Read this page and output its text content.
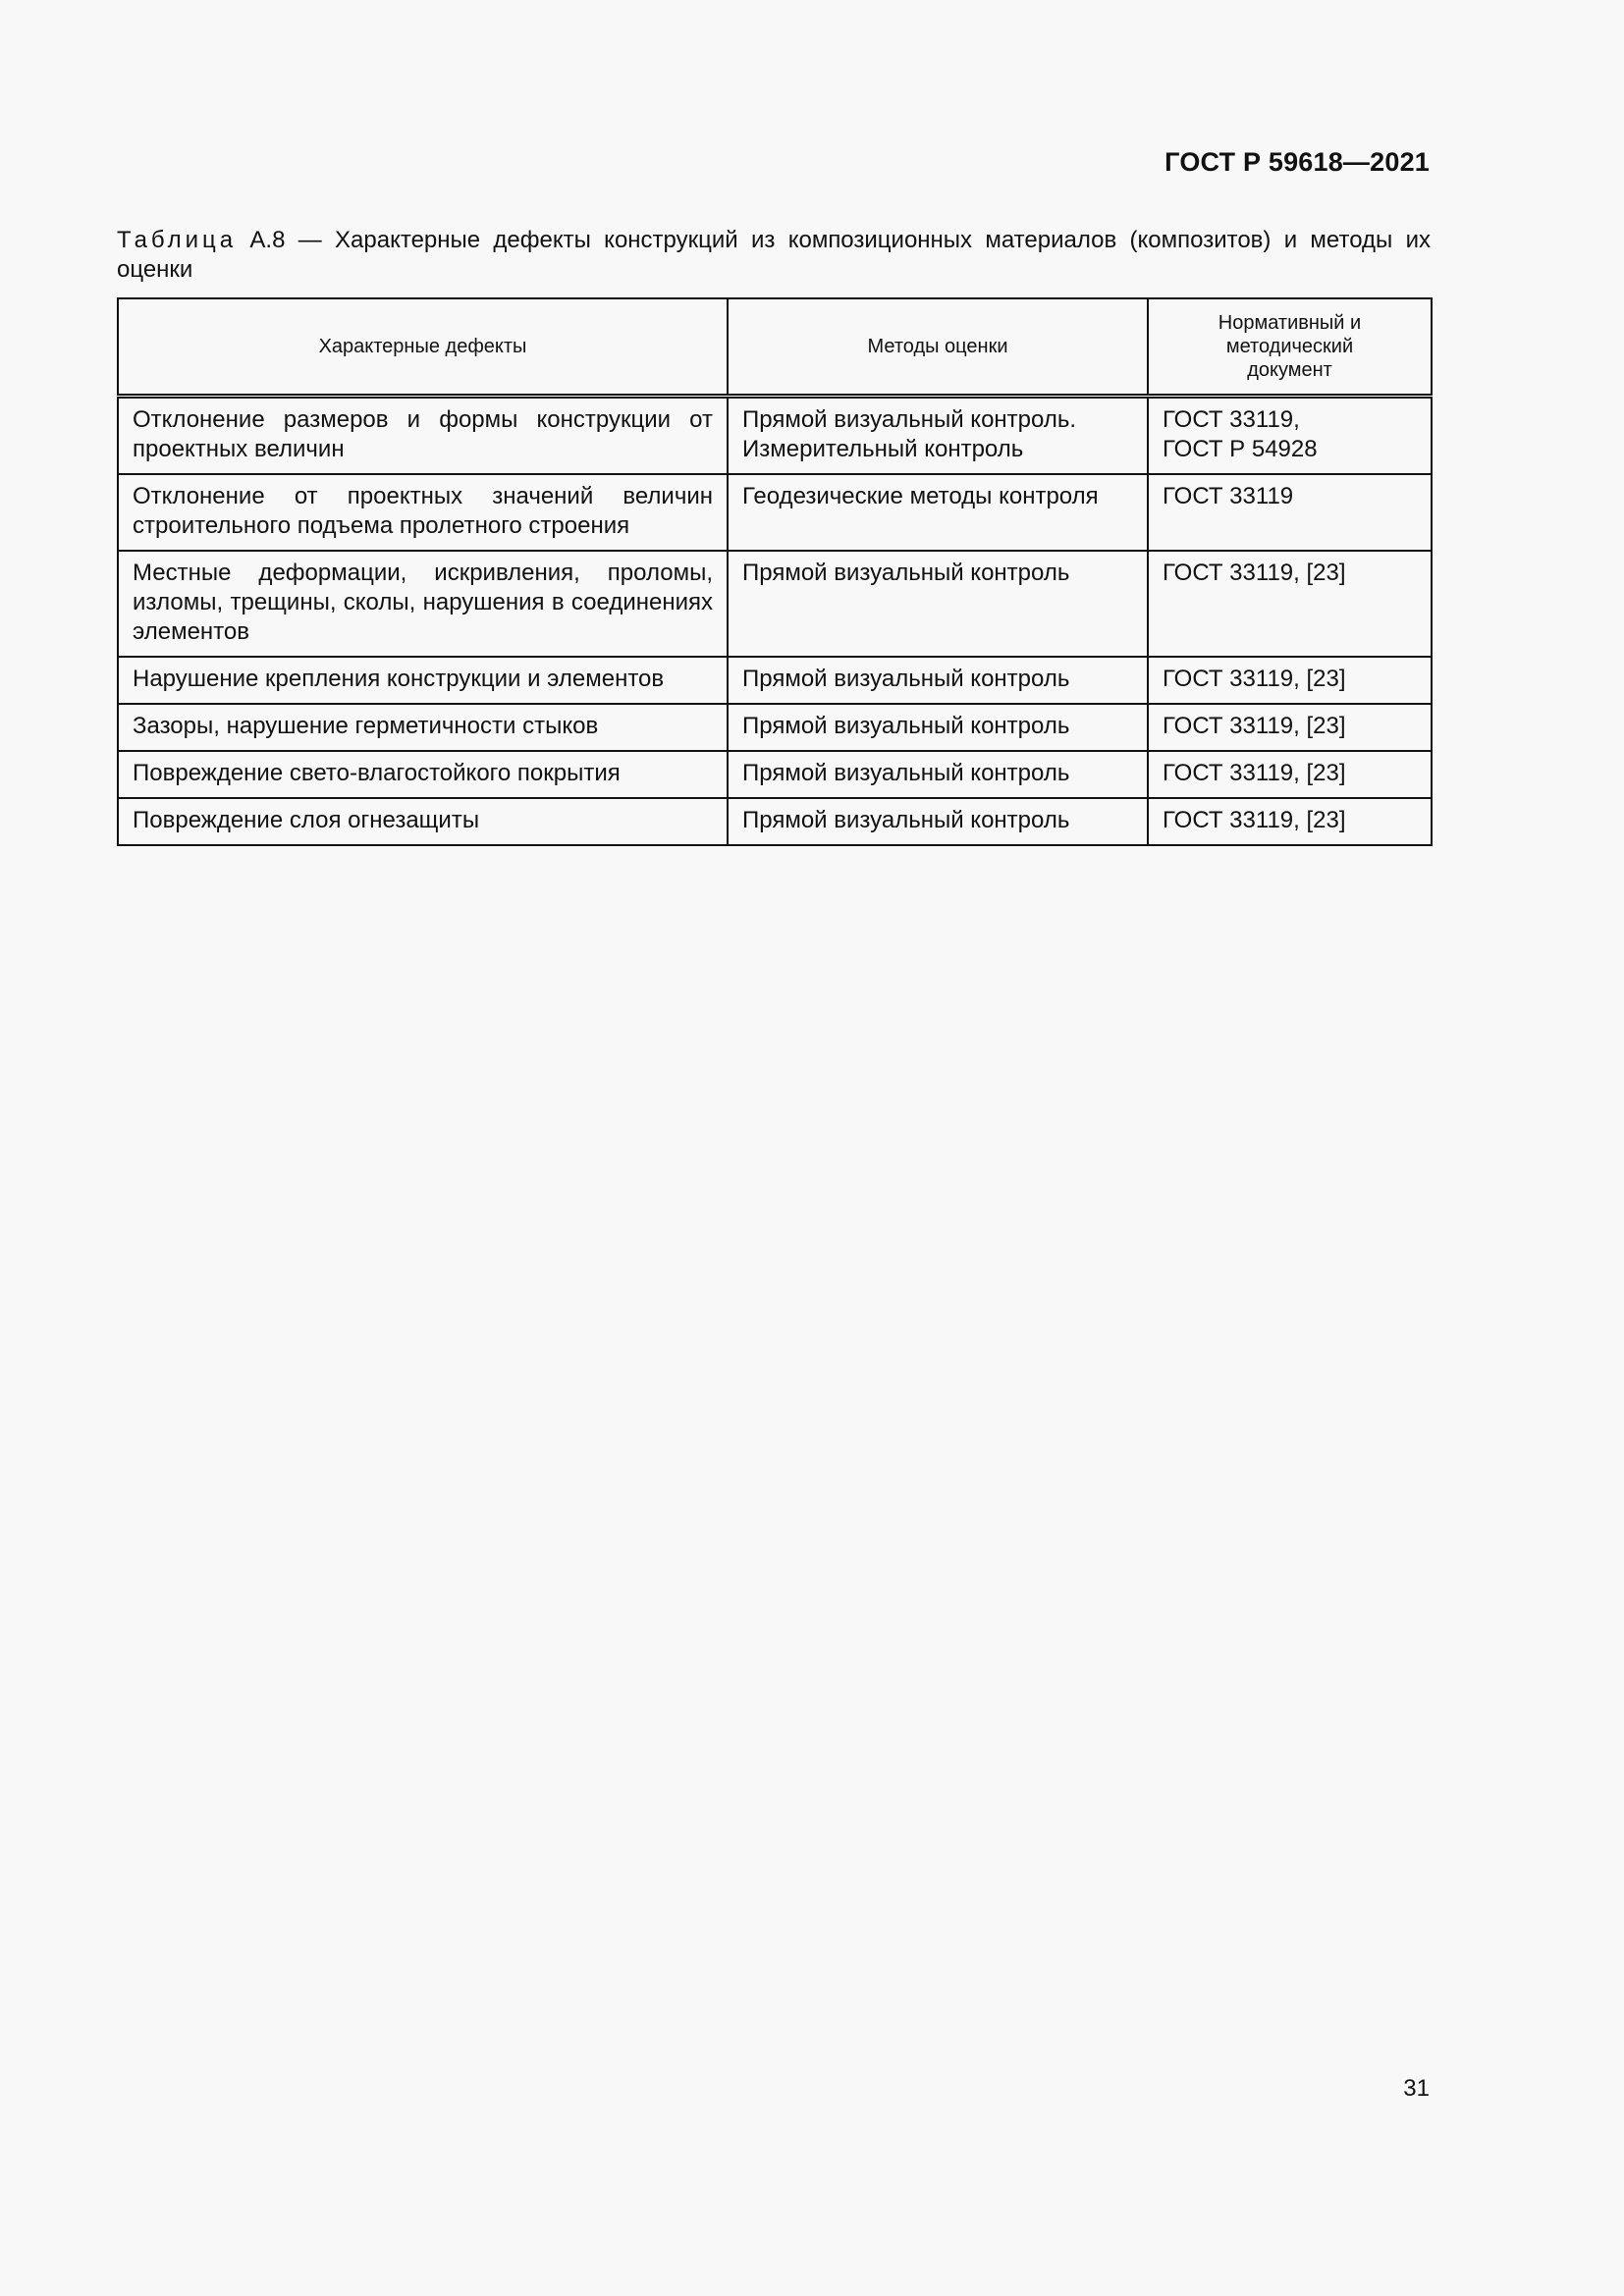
ГОСТ Р 59618—2021
Таблица А.8 — Характерные дефекты конструкций из композиционных материалов (композитов) и методы их оценки
Характерные дефекты	Методы оценки	Нормативный и методический документ
Отклонение размеров и формы конструкции от проектных величин	Прямой визуальный контроль. Измерительный контроль	ГОСТ 33119, ГОСТ Р 54928
Отклонение от проектных значений величин строительного подъема пролетного строения	Геодезические методы контроля	ГОСТ 33119
Местные деформации, искривления, проломы, изломы, трещины, сколы, нарушения в соединениях элементов	Прямой визуальный контроль	ГОСТ 33119, [23]
Нарушение крепления конструкции и элементов	Прямой визуальный контроль	ГОСТ 33119, [23]
Зазоры, нарушение герметичности стыков	Прямой визуальный контроль	ГОСТ 33119, [23]
Повреждение свето-влагостойкого покрытия	Прямой визуальный контроль	ГОСТ 33119, [23]
Повреждение слоя огнезащиты	Прямой визуальный контроль	ГОСТ 33119, [23]
31
